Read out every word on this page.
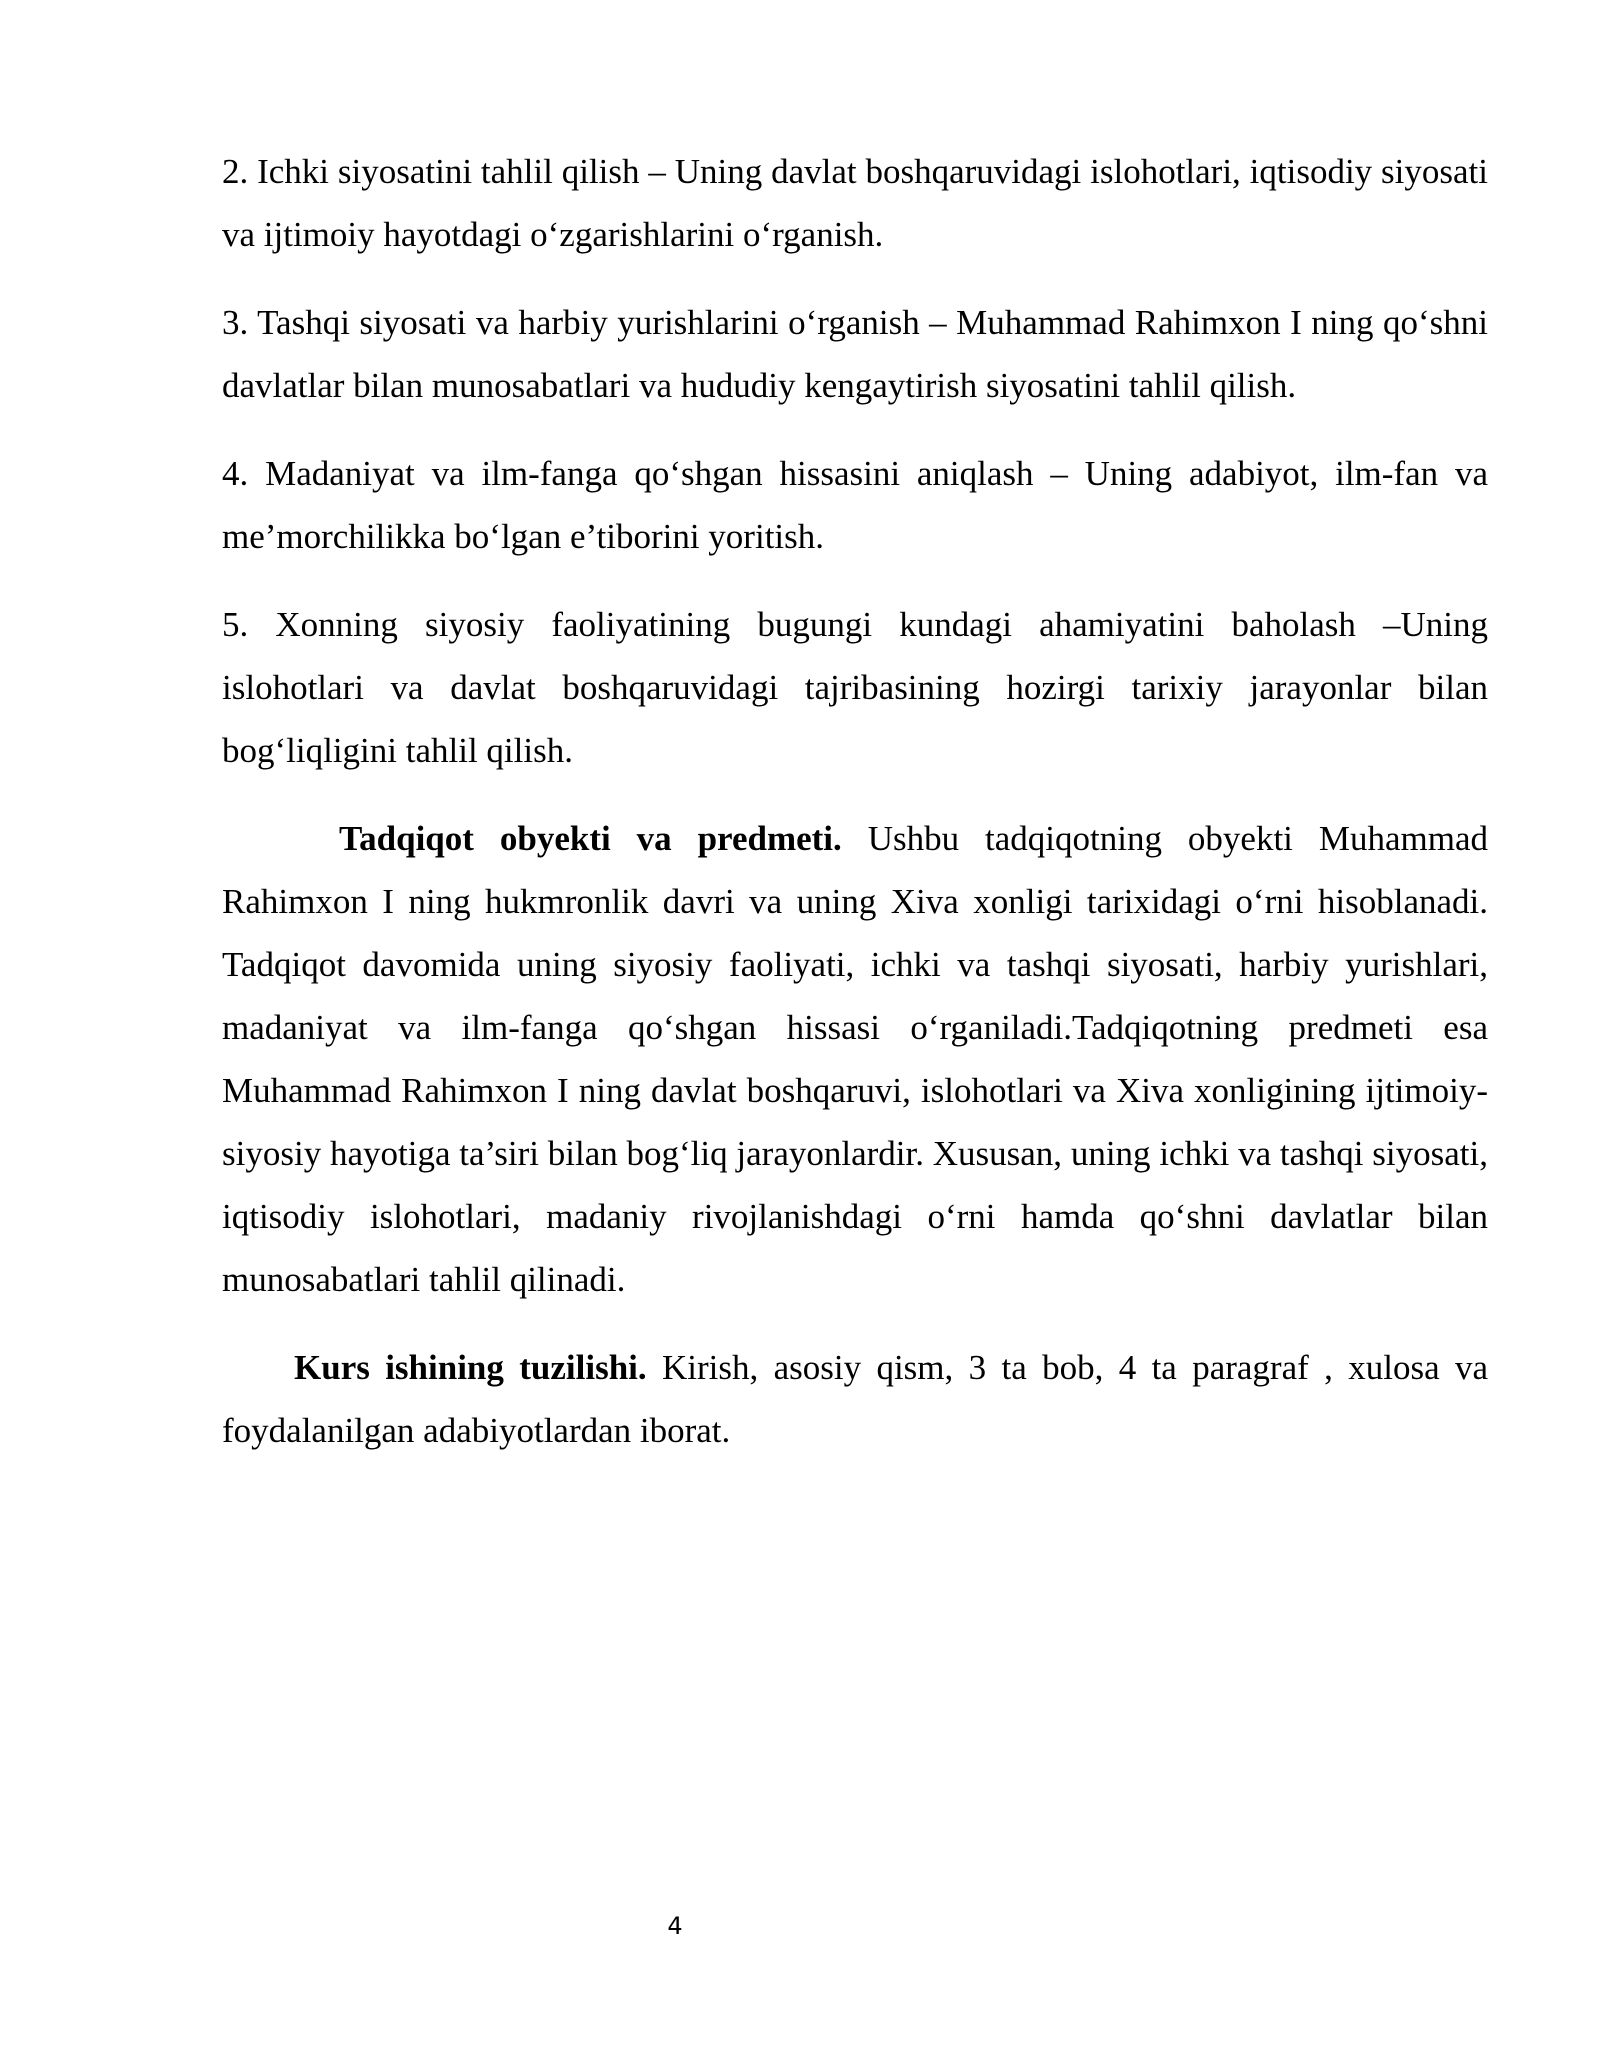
2. Ichki siyosatini tahlil qilish – Uning davlat boshqaruvidagi islohotlari, iqtisodiy siyosati va ijtimoiy hayotdagi o‘zgarishlarini o‘rganish.

3. Tashqi siyosati va harbiy yurishlarini o‘rganish – Muhammad Rahimxon I ning qo‘shni davlatlar bilan munosabatlari va hududiy kengaytirish siyosatini tahlil qilish.

4. Madaniyat va ilm-fanga qo‘shgan hissasini aniqlash – Uning adabiyot, ilm-fan va me’morchilikka bo‘lgan e’tiborini yoritish.

5. Xonning siyosiy faoliyatining bugungi kundagi ahamiyatini baholash –Uning islohotlari va davlat boshqaruvidagi tajribasining hozirgi tarixiy jarayonlar bilan bog‘liqligini tahlil qilish.

Tadqiqot obyekti va predmeti. Ushbu tadqiqotning obyekti Muhammad Rahimxon I ning hukmronlik davri va uning Xiva xonligi tarixidagi o‘rni hisoblanadi. Tadqiqot davomida uning siyosiy faoliyati, ichki va tashqi siyosati, harbiy yurishlari, madaniyat va ilm-fanga qo‘shgan hissasi o‘rganiladi.Tadqiqotning predmeti esa Muhammad Rahimxon I ning davlat boshqaruvi, islohotlari va Xiva xonligining ijtimoiy-siyosiy hayotiga ta’siri bilan bog‘liq jarayonlardir. Xususan, uning ichki va tashqi siyosati, iqtisodiy islohotlari, madaniy rivojlanishdagi o‘rni hamda qo‘shni davlatlar bilan munosabatlari tahlil qilinadi.

Kurs ishining tuzilishi. Kirish, asosiy qism, 3 ta bob, 4 ta paragraf , xulosa va foydalanilgan adabiyotlardan iborat.

4
